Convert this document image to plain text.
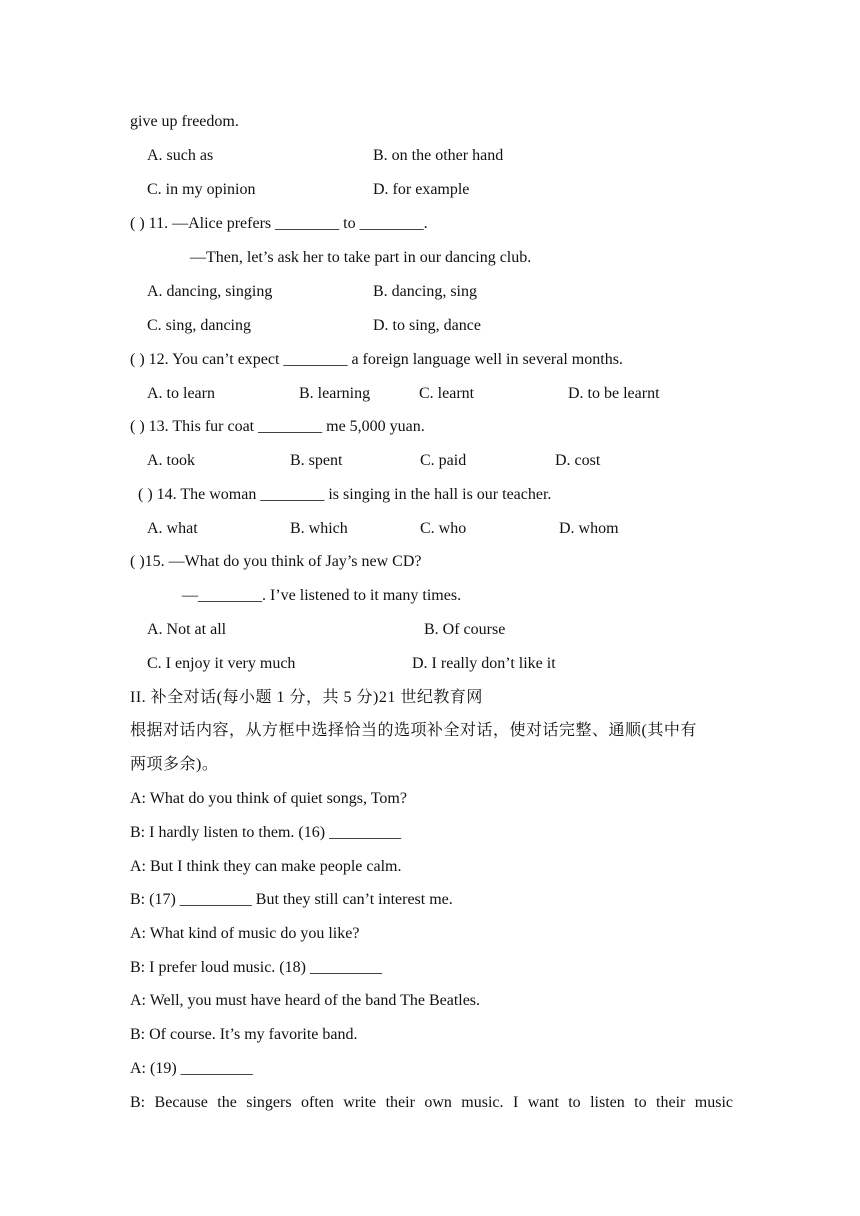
give up freedom.
A. such as	B. on the other hand
C. in my opinion	D. for example
( ) 11. —Alice prefers ________ to ________.
—Then, let’s ask her to take part in our dancing club.
A. dancing, singing	B. dancing, sing
C. sing, dancing	D. to sing, dance
( ) 12. You can’t expect ________ a foreign language well in several months.
A. to learn	B. learning	C. learnt	D. to be learnt
( ) 13. This fur coat ________ me 5,000 yuan.
A. took	B. spent	C. paid	D. cost
( ) 14. The woman ________ is singing in the hall is our teacher.
A. what	B. which	C. who	D. whom
( )15. —What do you think of Jay’s new CD?
—________. I’ve listened to it many times.
A. Not at all	B. Of course
C. I enjoy it very much	D. I really don’t like it
II. 补全对话(每小题 1 分，共 5 分)21 世纪教育网
根据对话内容，从方框中选择恰当的选项补全对话，使对话完整、通顺(其中有
两项多余)。
A: What do you think of quiet songs, Tom?
B: I hardly listen to them. (16) _________
A: But I think they can make people calm.
B: (17) _________ But they still can’t interest me.
A: What kind of music do you like?
B: I prefer loud music. (18) _________
A: Well, you must have heard of the band The Beatles.
B: Of course. It’s my favorite band.
A: (19) _________
B: Because the singers often write their own music. I want to listen to their music
